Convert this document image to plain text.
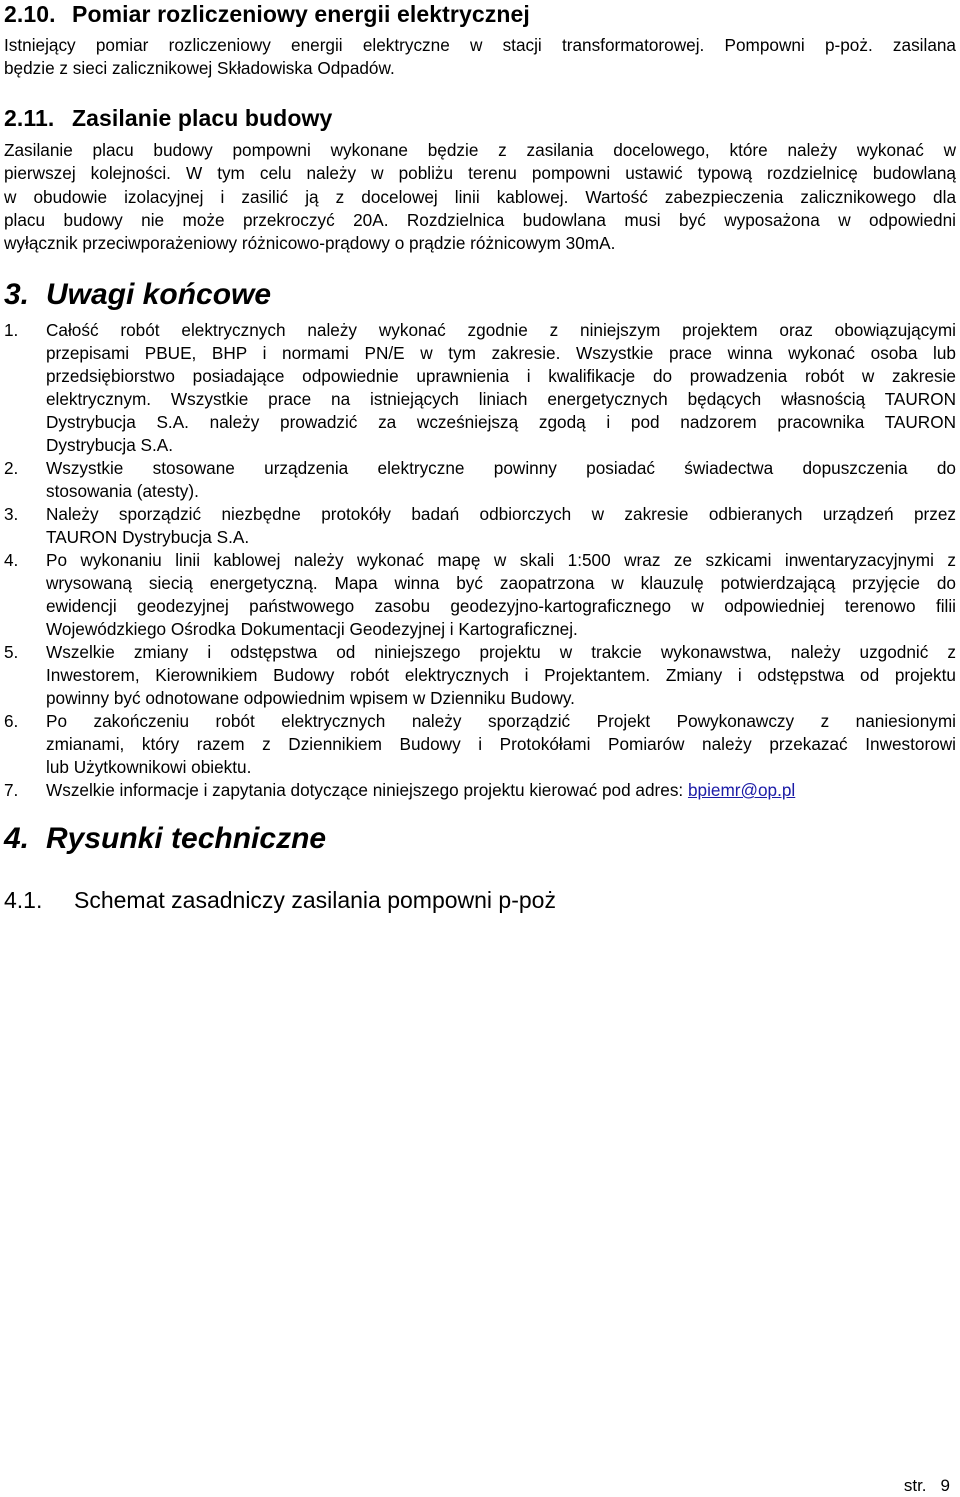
2.10. Pomiar rozliczeniowy energii elektrycznej
Istniejący pomiar rozliczeniowy energii elektryczne w stacji transformatorowej. Pompowni p-poż. zasilana
będzie z sieci zalicznikowej Składowiska Odpadów.
2.11. Zasilanie placu budowy
Zasilanie placu budowy pompowni wykonane będzie z zasilania docelowego, które należy wykonać w
pierwszej kolejności. W tym celu należy w pobliżu terenu pompowni ustawić typową rozdzielnicę budowlaną
w obudowie izolacyjnej i zasilić ją z docelowej linii kablowej. Wartość zabezpieczenia zalicznikowego dla
placu budowy nie może przekroczyć 20A. Rozdzielnica budowlana musi być wyposażona w odpowiedni
wyłącznik przeciwporażeniowy różnicowo-prądowy o prądzie różnicowym 30mA.
3. Uwagi końcowe
1. Całość robót elektrycznych należy wykonać zgodnie z niniejszym projektem oraz obowiązującymi
przepisami PBUE, BHP i normami PN/E w tym zakresie. Wszystkie prace winna wykonać osoba lub
przedsiębiorstwo posiadające odpowiednie uprawnienia i kwalifikacje do prowadzenia robót w zakresie
elektrycznym. Wszystkie prace na istniejących liniach energetycznych będących własnością TAURON
Dystrybucja S.A. należy prowadzić za wcześniejszą zgodą i pod nadzorem pracownika TAURON
Dystrybucja S.A.
2. Wszystkie stosowane urządzenia elektryczne powinny posiadać świadectwa dopuszczenia do
stosowania (atesty).
3. Należy sporządzić niezbędne protokóły badań odbiorczych w zakresie odbieranych urządzeń przez
TAURON Dystrybucja S.A.
4. Po wykonaniu linii kablowej należy wykonać mapę w skali 1:500 wraz ze szkicami inwentaryzacyjnymi z
wrysowaną siecią energetyczną. Mapa winna być zaopatrzona w klauzulę potwierdzającą przyjęcie do
ewidencji geodezyjnej państwowego zasobu geodezyjno-kartograficznego w odpowiedniej terenowo filii
Wojewódzkiego Ośrodka Dokumentacji Geodezyjnej i Kartograficznej.
5. Wszelkie zmiany i odstępstwa od niniejszego projektu w trakcie wykonawstwa, należy uzgodnić z
Inwestorem, Kierownikiem Budowy robót elektrycznych i Projektantem. Zmiany i odstępstwa od projektu
powinny być odnotowane odpowiednim wpisem w Dzienniku Budowy.
6. Po zakończeniu robót elektrycznych należy sporządzić Projekt Powykonawczy z naniesionymi
zmianami, który razem z Dziennikiem Budowy i Protokółami Pomiarów należy przekazać Inwestorowi
lub Użytkownikowi obiektu.
7. Wszelkie informacje i zapytania dotyczące niniejszego projektu kierować pod adres: bpiemr@op.pl
4. Rysunki techniczne
4.1. Schemat zasadniczy zasilania pompowni p-poż
str. 9
